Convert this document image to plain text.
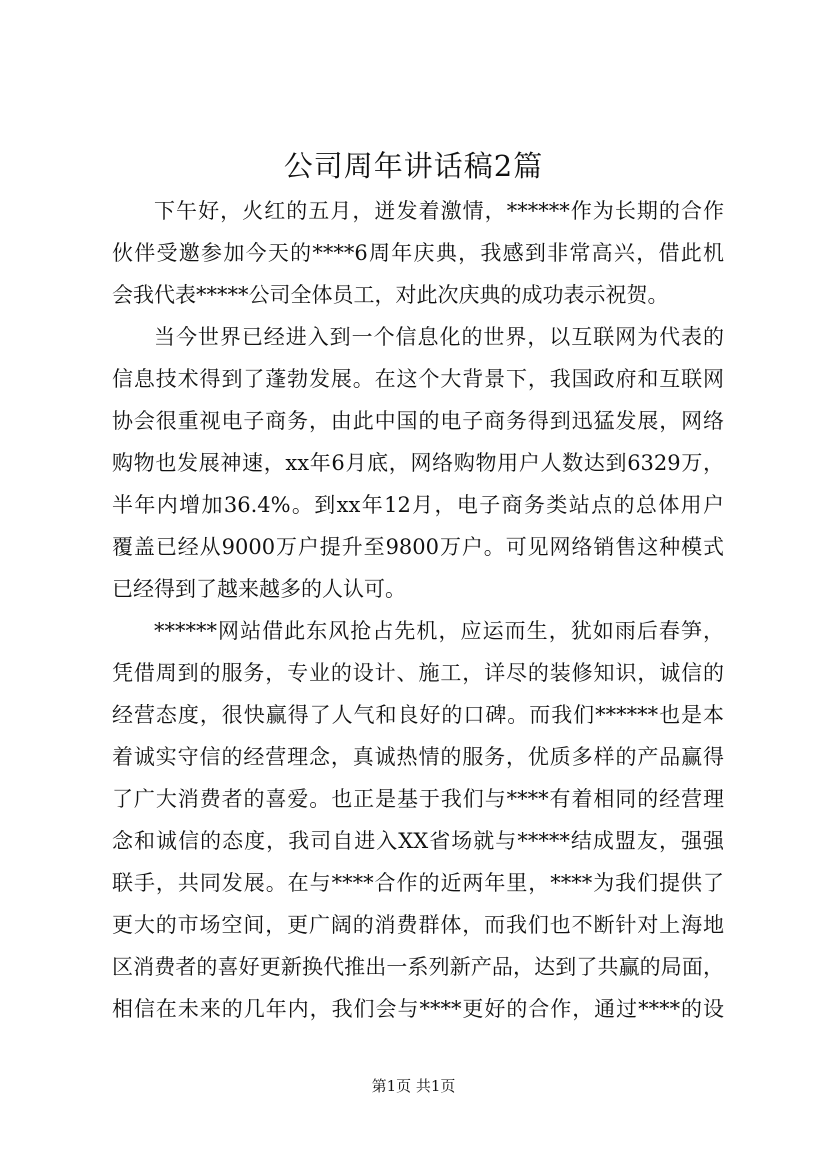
公司周年讲话稿2篇
下午好，火红的五月，迸发着激情，******作为长期的合作
伙伴受邀参加今天的****6周年庆典，我感到非常高兴，借此机
会我代表*****公司全体员工，对此次庆典的成功表示祝贺。
当今世界已经进入到一个信息化的世界，以互联网为代表的
信息技术得到了蓬勃发展。在这个大背景下，我国政府和互联网
协会很重视电子商务，由此中国的电子商务得到迅猛发展，网络
购物也发展神速，xx年6月底，网络购物用户人数达到6329万，
半年内增加36.4%。到xx年12月，电子商务类站点的总体用户
覆盖已经从9000万户提升至9800万户。可见网络销售这种模式
已经得到了越来越多的人认可。
******网站借此东风抢占先机，应运而生，犹如雨后春笋，
凭借周到的服务，专业的设计、施工，详尽的装修知识，诚信的
经营态度，很快赢得了人气和良好的口碑。而我们******也是本
着诚实守信的经营理念，真诚热情的服务，优质多样的产品赢得
了广大消费者的喜爱。也正是基于我们与****有着相同的经营理
念和诚信的态度，我司自进入XX省场就与*****结成盟友，强强
联手，共同发展。在与****合作的近两年里，****为我们提供了
更大的市场空间，更广阔的消费群体，而我们也不断针对上海地
区消费者的喜好更新换代推出一系列新产品，达到了共赢的局面，
相信在未来的几年内，我们会与****更好的合作，通过****的设
第1页 共1页
